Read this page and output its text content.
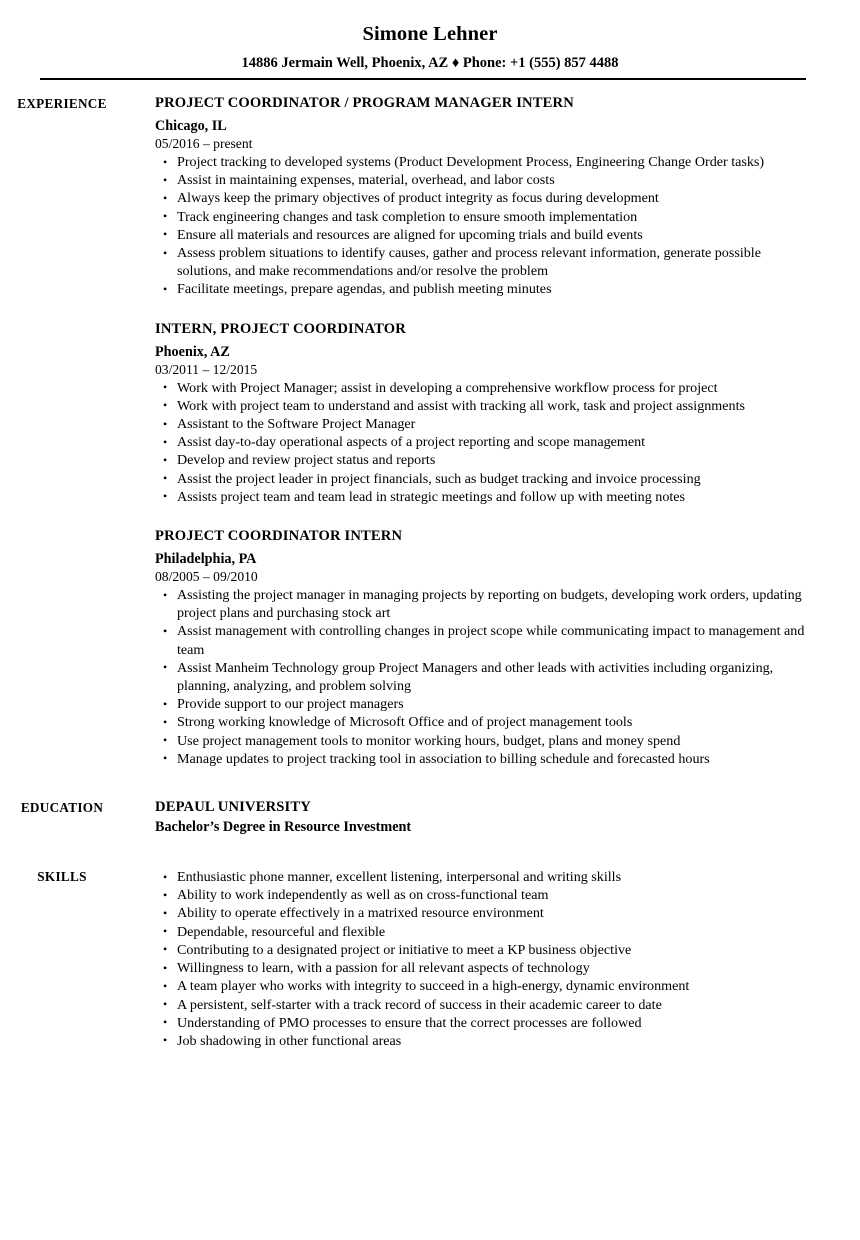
Simone Lehner
14886 Jermain Well, Phoenix, AZ ♦ Phone: +1 (555) 857 4488
EXPERIENCE	PROJECT COORDINATOR / PROGRAM MANAGER INTERN
Chicago, IL
05/2016 – present
• Project tracking to developed systems (Product Development Process, Engineering Change Order tasks)
• Assist in maintaining expenses, material, overhead, and labor costs
• Always keep the primary objectives of product integrity as focus during development
• Track engineering changes and task completion to ensure smooth implementation
• Ensure all materials and resources are aligned for upcoming trials and build events
• Assess problem situations to identify causes, gather and process relevant information, generate possible solutions, and make recommendations and/or resolve the problem
• Facilitate meetings, prepare agendas, and publish meeting minutes
INTERN, PROJECT COORDINATOR
Phoenix, AZ
03/2011 – 12/2015
• Work with Project Manager; assist in developing a comprehensive workflow process for project
• Work with project team to understand and assist with tracking all work, task and project assignments
• Assistant to the Software Project Manager
• Assist day-to-day operational aspects of a project reporting and scope management
• Develop and review project status and reports
• Assist the project leader in project financials, such as budget tracking and invoice processing
• Assists project team and team lead in strategic meetings and follow up with meeting notes
PROJECT COORDINATOR INTERN
Philadelphia, PA
08/2005 – 09/2010
• Assisting the project manager in managing projects by reporting on budgets, developing work orders, updating project plans and purchasing stock art
• Assist management with controlling changes in project scope while communicating impact to management and team
• Assist Manheim Technology group Project Managers and other leads with activities including organizing, planning, analyzing, and problem solving
• Provide support to our project managers
• Strong working knowledge of Microsoft Office and of project management tools
• Use project management tools to monitor working hours, budget, plans and money spend
• Manage updates to project tracking tool in association to billing schedule and forecasted hours
EDUCATION	DEPAUL UNIVERSITY
Bachelor’s Degree in Resource Investment
SKILLS	• Enthusiastic phone manner, excellent listening, interpersonal and writing skills
• Ability to work independently as well as on cross-functional team
• Ability to operate effectively in a matrixed resource environment
• Dependable, resourceful and flexible
• Contributing to a designated project or initiative to meet a KP business objective
• Willingness to learn, with a passion for all relevant aspects of technology
• A team player who works with integrity to succeed in a high-energy, dynamic environment
• A persistent, self-starter with a track record of success in their academic career to date
• Understanding of PMO processes to ensure that the correct processes are followed
• Job shadowing in other functional areas
